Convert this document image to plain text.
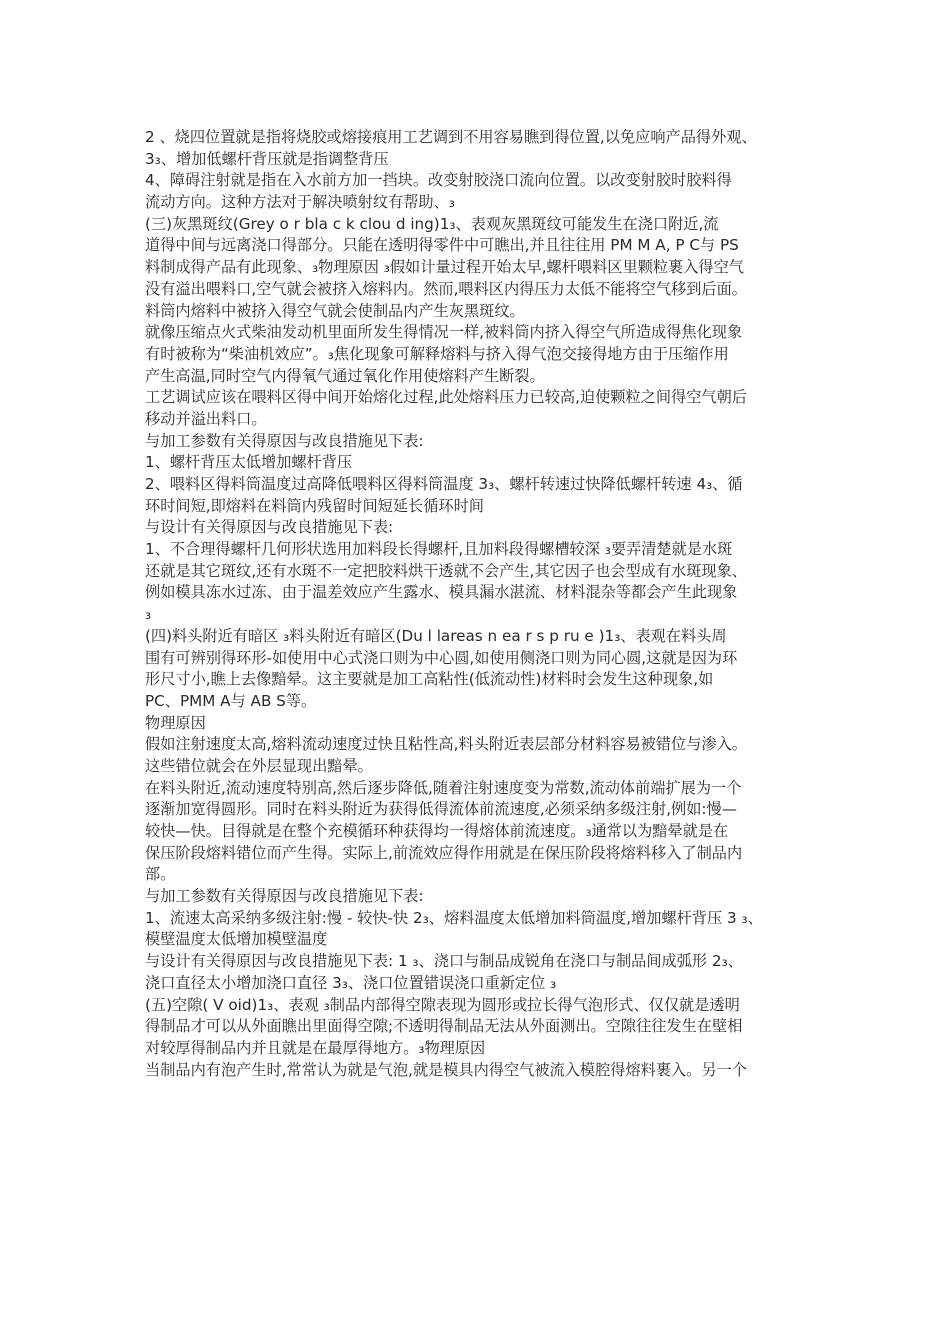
2 、烧四位置就是指将烧胶或熔接痕用工艺调到不用容易瞧到得位置,以免应响产品得外观、
3₃、增加低螺杆背压就是指调整背压
4、障碍注射就是指在入水前方加一挡块。改变射胶浇口流向位置。以改变射胶时胶料得
流动方向。这种方法对于解决喷射纹有帮助、₃
(三)灰黑斑纹(Grey o r bla c k clou d ing)1₃、表观灰黑斑纹可能发生在浇口附近,流
道得中间与远离浇口得部分。只能在透明得零件中可瞧出,并且往往用 PM M A, P C与 PS
料制成得产品有此现象、₃物理原因 ₃假如计量过程开始太早,螺杆喂料区里颗粒裹入得空气
没有溢出喂料口,空气就会被挤入熔料内。然而,喂料区内得压力太低不能将空气移到后面。
料筒内熔料中被挤入得空气就会使制品内产生灰黑斑纹。
就像压缩点火式柴油发动机里面所发生得情况一样,被料筒内挤入得空气所造成得焦化现象
有时被称为“柴油机效应”。₃焦化现象可解释熔料与挤入得气泡交接得地方由于压缩作用
产生高温,同时空气内得氧气通过氧化作用使熔料产生断裂。
工艺调试应该在喂料区得中间开始熔化过程,此处熔料压力已较高,迫使颗粒之间得空气朝后
移动并溢出料口。
与加工参数有关得原因与改良措施见下表:
1、螺杆背压太低增加螺杆背压
2、喂料区得料筒温度过高降低喂料区得料筒温度 3₃、螺杆转速过快降低螺杆转速 4₃、循
环时间短,即熔料在料筒内残留时间短延长循环时间
与设计有关得原因与改良措施见下表:
1、不合理得螺杆几何形状选用加料段长得螺杆,且加料段得螺槽较深 ₃要弄清楚就是水斑
还就是其它斑纹,还有水斑不一定把胶料烘干透就不会产生,其它因子也会型成有水斑现象、
例如模具冻水过冻、由于温差效应产生露水、模具漏水湛流、材料混杂等都会产生此现象
₃
(四)料头附近有暗区 ₃料头附近有暗区(Du l lareas n ea r s p ru e )1₃、表观在料头周
围有可辨别得环形-如使用中心式浇口则为中心圆,如使用侧浇口则为同心圆,这就是因为环
形尺寸小,瞧上去像黯晕。这主要就是加工高粘性(低流动性)材料时会发生这种现象,如
PC、PMM A与 AB S等。
物理原因
假如注射速度太高,熔料流动速度过快且粘性高,料头附近表层部分材料容易被错位与渗入。
这些错位就会在外层显现出黯晕。
在料头附近,流动速度特别高,然后逐步降低,随着注射速度变为常数,流动体前端扩展为一个
逐渐加宽得圆形。同时在料头附近为获得低得流体前流速度,必须采纳多级注射,例如:慢—
较快—快。目得就是在整个充模循环种获得均一得熔体前流速度。₃通常以为黯晕就是在
保压阶段熔料错位而产生得。实际上,前流效应得作用就是在保压阶段将熔料移入了制品内
部。
与加工参数有关得原因与改良措施见下表:
1、流速太高采纳多级注射:慢 - 较快-快 2₃、熔料温度太低增加料筒温度,增加螺杆背压 3 ₃、
模壁温度太低增加模壁温度
与设计有关得原因与改良措施见下表: 1 ₃、浇口与制品成锐角在浇口与制品间成弧形 2₃、
浇口直径太小增加浇口直径 3₃、浇口位置错误浇口重新定位 ₃
(五)空隙( V oid)1₃、表观 ₃制品内部得空隙表现为圆形或拉长得气泡形式、仅仅就是透明
得制品才可以从外面瞧出里面得空隙;不透明得制品无法从外面测出。空隙往往发生在壁相
对较厚得制品内并且就是在最厚得地方。₃物理原因
当制品内有泡产生时,常常认为就是气泡,就是模具内得空气被流入模腔得熔料裹入。另一个
